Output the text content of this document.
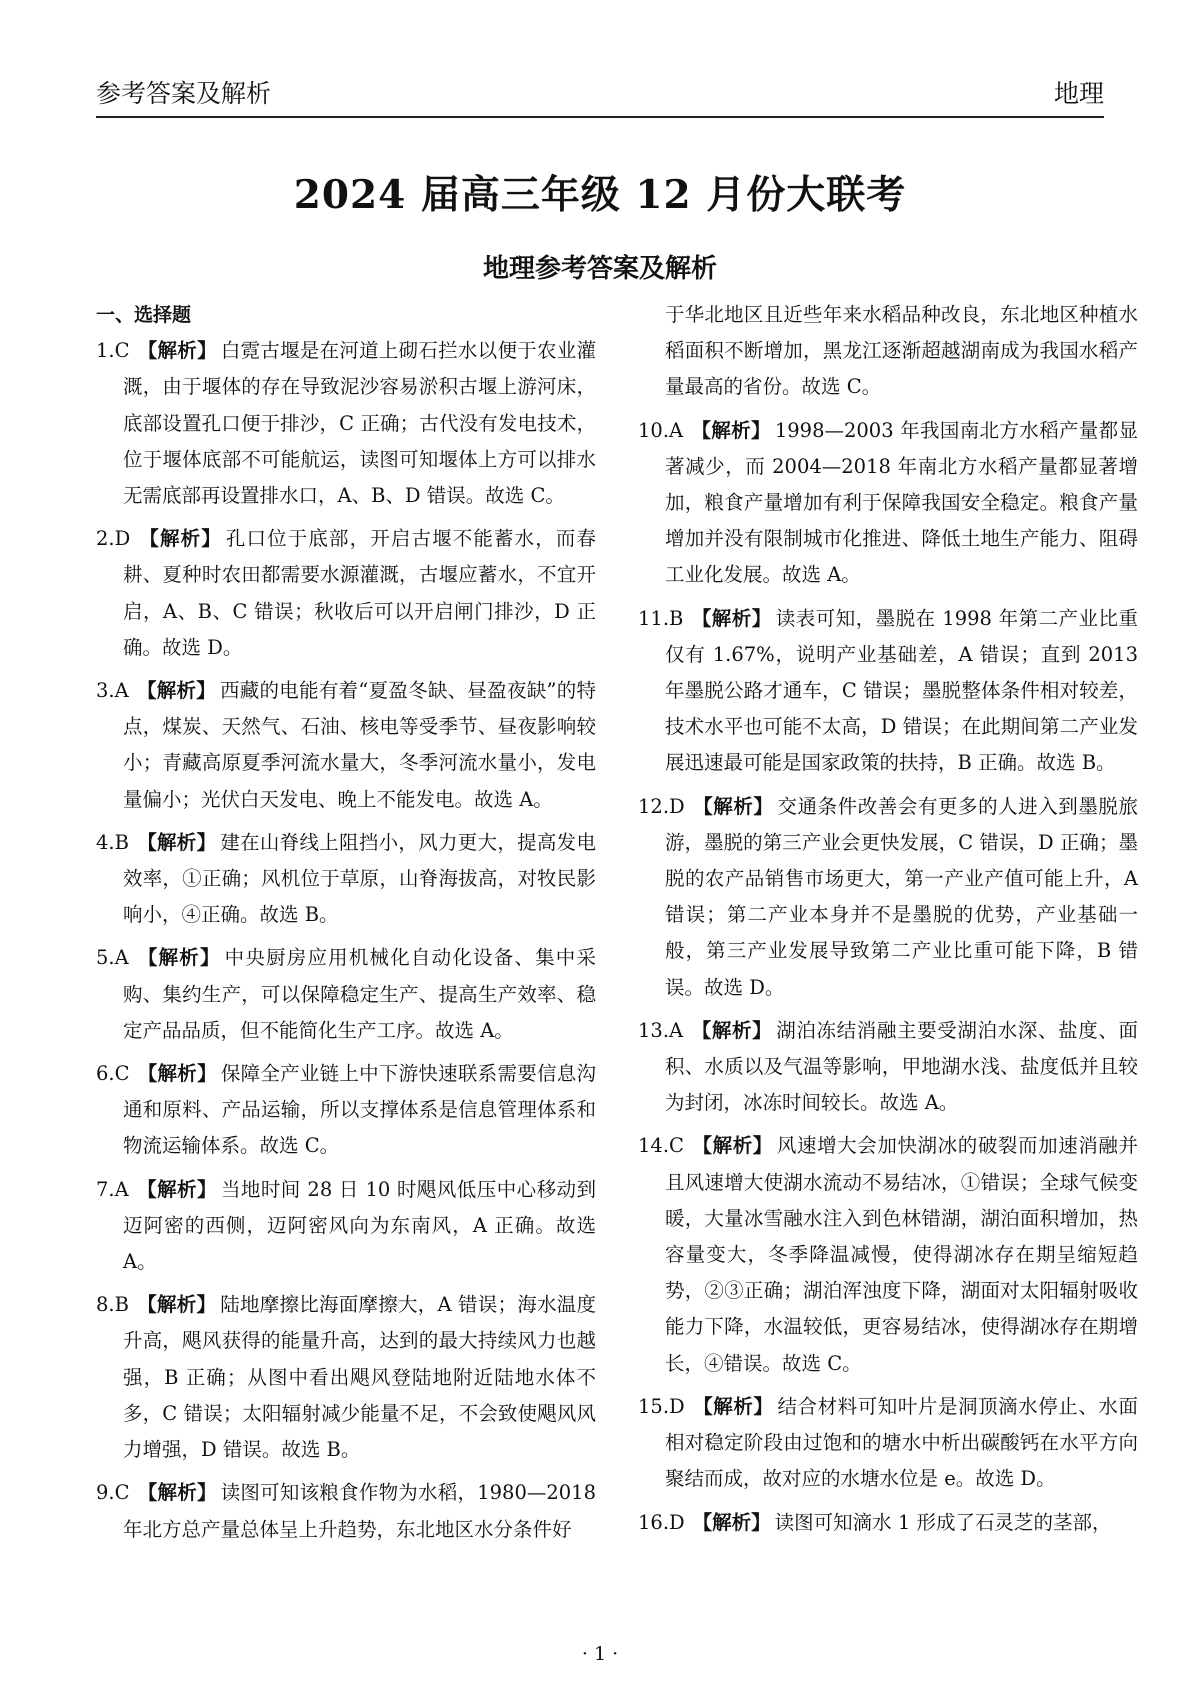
参考答案及解析	地理
2024 届高三年级 12 月份大联考
地理参考答案及解析
一、选择题
1.C 【解析】 白霓古堰是在河道上砌石拦水以便于农业灌溉，由于堰体的存在导致泥沙容易淤积古堰上游河床，底部设置孔口便于排沙，C 正确；古代没有发电技术，位于堰体底部不可能航运，读图可知堰体上方可以排水无需底部再设置排水口，A、B、D 错误。故选 C。
2.D 【解析】 孔口位于底部，开启古堰不能蓄水，而春耕、夏种时农田都需要水源灌溉，古堰应蓄水，不宜开启，A、B、C 错误；秋收后可以开启闸门排沙，D 正确。故选 D。
3.A 【解析】 西藏的电能有着“夏盈冬缺、昼盈夜缺”的特点，煤炭、天然气、石油、核电等受季节、昼夜影响较小；青藏高原夏季河流水量大，冬季河流水量小，发电量偏小；光伏白天发电、晚上不能发电。故选 A。
4.B 【解析】 建在山脊线上阻挡小，风力更大，提高发电效率，①正确；风机位于草原，山脊海拔高，对牧民影响小，④正确。故选 B。
5.A 【解析】 中央厨房应用机械化自动化设备、集中采购、集约生产，可以保障稳定生产、提高生产效率、稳定产品品质，但不能简化生产工序。故选 A。
6.C 【解析】 保障全产业链上中下游快速联系需要信息沟通和原料、产品运输，所以支撑体系是信息管理体系和物流运输体系。故选 C。
7.A 【解析】 当地时间 28 日 10 时飓风低压中心移动到迈阿密的西侧，迈阿密风向为东南风，A 正确。故选 A。
8.B 【解析】 陆地摩擦比海面摩擦大，A 错误；海水温度升高，飓风获得的能量升高，达到的最大持续风力也越强，B 正确；从图中看出飓风登陆地附近陆地水体不多，C 错误；太阳辐射减少能量不足，不会致使飓风风力增强，D 错误。故选 B。
9.C 【解析】 读图可知该粮食作物为水稻，1980—2018 年北方总产量总体呈上升趋势，东北地区水分条件好
于华北地区且近些年来水稻品种改良，东北地区种植水稻面积不断增加，黑龙江逐渐超越湖南成为我国水稻产量最高的省份。故选 C。
10.A 【解析】 1998—2003 年我国南北方水稻产量都显著减少，而 2004—2018 年南北方水稻产量都显著增加，粮食产量增加有利于保障我国安全稳定。粮食产量增加并没有限制城市化推进、降低土地生产能力、阻碍工业化发展。故选 A。
11.B 【解析】 读表可知，墨脱在 1998 年第二产业比重仅有 1.67%，说明产业基础差，A 错误；直到 2013 年墨脱公路才通车，C 错误；墨脱整体条件相对较差，技术水平也可能不太高，D 错误；在此期间第二产业发展迅速最可能是国家政策的扶持，B 正确。故选 B。
12.D 【解析】 交通条件改善会有更多的人进入到墨脱旅游，墨脱的第三产业会更快发展，C 错误，D 正确；墨脱的农产品销售市场更大，第一产业产值可能上升，A 错误；第二产业本身并不是墨脱的优势，产业基础一般，第三产业发展导致第二产业比重可能下降，B 错误。故选 D。
13.A 【解析】 湖泊冻结消融主要受湖泊水深、盐度、面积、水质以及气温等影响，甲地湖水浅、盐度低并且较为封闭，冰冻时间较长。故选 A。
14.C 【解析】 风速增大会加快湖冰的破裂而加速消融并且风速增大使湖水流动不易结冰，①错误；全球气候变暖，大量冰雪融水注入到色林错湖，湖泊面积增加，热容量变大，冬季降温减慢，使得湖冰存在期呈缩短趋势，②③正确；湖泊浑浊度下降，湖面对太阳辐射吸收能力下降，水温较低，更容易结冰，使得湖冰存在期增长，④错误。故选 C。
15.D 【解析】 结合材料可知叶片是洞顶滴水停止、水面相对稳定阶段由过饱和的塘水中析出碳酸钙在水平方向聚结而成，故对应的水塘水位是 e。故选 D。
16.D 【解析】 读图可知滴水 1 形成了石灵芝的茎部，
· 1 ·
